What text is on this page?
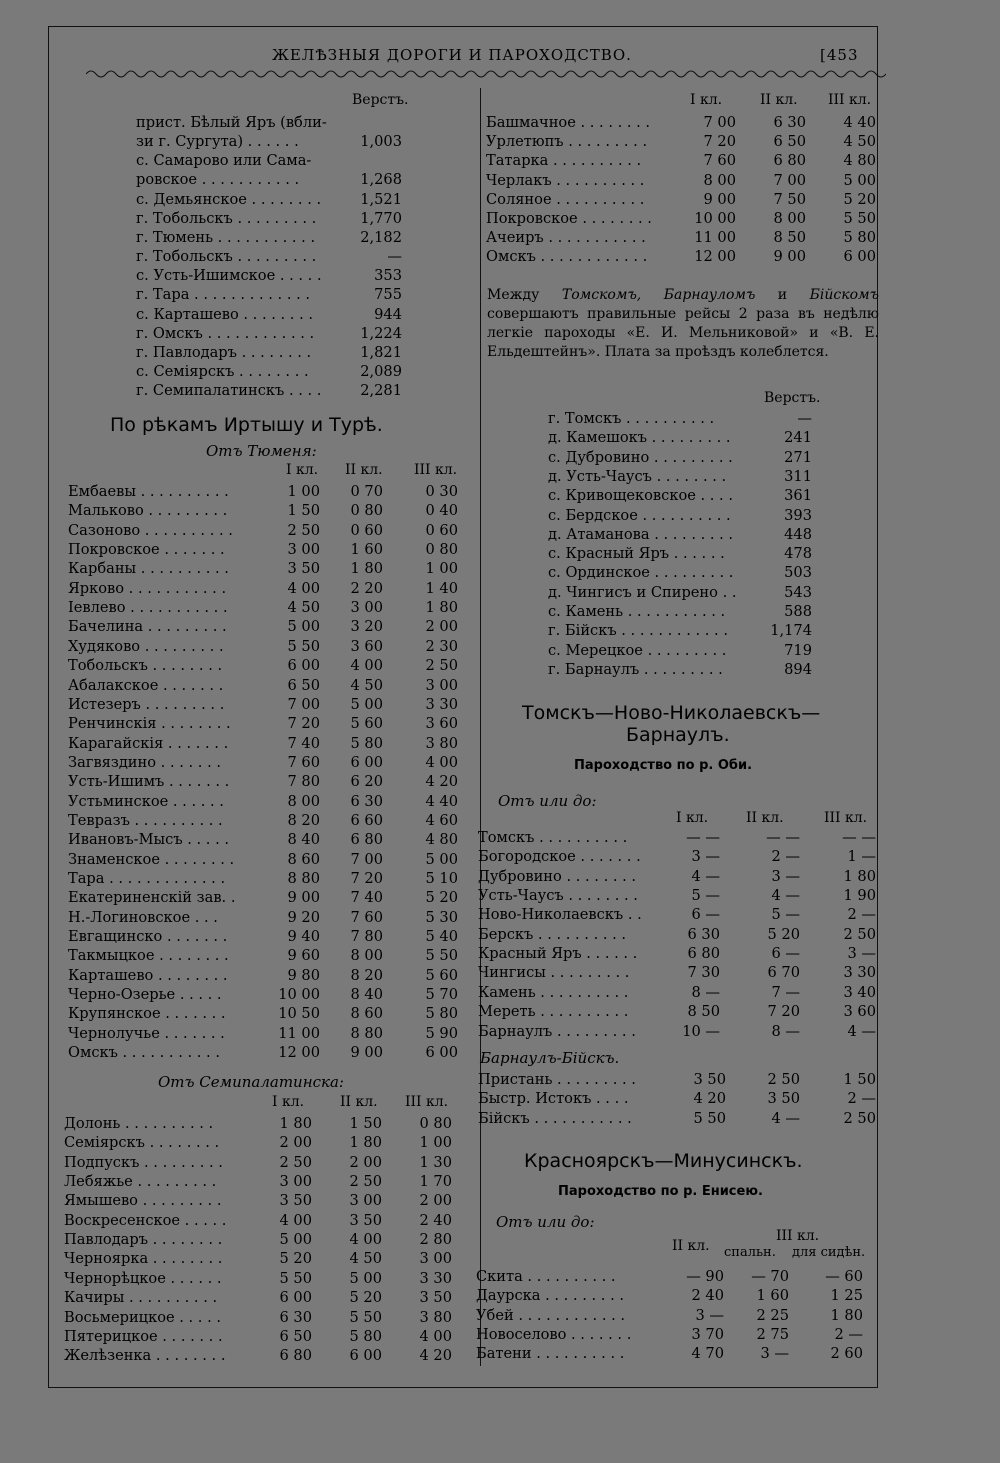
ЖЕЛѢЗНЫЯ ДОРОГИ И ПАРОХОДСТВО.	[453
Верстъ.
прист. Бѣлый Яръ (вбли-
зи г. Сургута) . . . . . .	1,003
с. Самарово или Сама-
ровское . . . . . . . . . . .	1,268
с. Демьянское . . . . . . . .	1,521
г. Тобольскъ . . . . . . . . .	1,770
г. Тюмень . . . . . . . . . . .	2,182
г. Тобольскъ . . . . . . . . .	—
с. Усть-Ишимское . . . . .	353
г. Тара . . . . . . . . . . . . .	755
с. Карташево . . . . . . . .	944
г. Омскъ . . . . . . . . . . . .	1,224
г. Павлодаръ . . . . . . . .	1,821
с. Семіярскъ . . . . . . . .	2,089
г. Семипалатинскъ . . . .	2,281
По рѣкамъ Иртышу и Турѣ.
Отъ Тюменя:
I кл. II кл. III кл.
Ембаевы . . . . . . . . . .	1 00	0 70	0 30
Мальково . . . . . . . . .	1 50	0 80	0 40
Сазоново . . . . . . . . . .	2 50	0 60	0 60
Покровское . . . . . . .	3 00	1 60	0 80
Карбаны . . . . . . . . . .	3 50	1 80	1 00
Ярково . . . . . . . . . . .	4 00	2 20	1 40
Іевлево . . . . . . . . . . .	4 50	3 00	1 80
Бачелина . . . . . . . . .	5 00	3 20	2 00
Худяково . . . . . . . . .	5 50	3 60	2 30
Тобольскъ . . . . . . . .	6 00	4 00	2 50
Абалакское . . . . . . .	6 50	4 50	3 00
Истезеръ . . . . . . . . .	7 00	5 00	3 30
Ренчинскія . . . . . . . .	7 20	5 60	3 60
Карагайскія . . . . . . .	7 40	5 80	3 80
Загвяздино . . . . . . .	7 60	6 00	4 00
Усть-Ишимъ . . . . . . .	7 80	6 20	4 20
Устьминское . . . . . .	8 00	6 30	4 40
Тевразъ . . . . . . . . . .	8 20	6 60	4 60
Ивановъ-Мысъ . . . . .	8 40	6 80	4 80
Знаменское . . . . . . . .	8 60	7 00	5 00
Тара . . . . . . . . . . . . .	8 80	7 20	5 10
Екатериненскій зав. .	9 00	7 40	5 20
Н.-Логиновское . . .	9 20	7 60	5 30
Евгащинско . . . . . . .	9 40	7 80	5 40
Такмыцкое . . . . . . . .	9 60	8 00	5 50
Карташево . . . . . . . .	9 80	8 20	5 60
Черно-Озерье . . . . .	10 00	8 40	5 70
Крупянское . . . . . . .	10 50	8 60	5 80
Чернолучье . . . . . . .	11 00	8 80	5 90
Омскъ . . . . . . . . . . .	12 00	9 00	6 00
Отъ Семипалатинска:
I кл.	II кл. III кл.
Долонь . . . . . . . . . .	1 80	1 50	0 80
Семіярскъ . . . . . . . .	2 00	1 80	1 00
Подпускъ . . . . . . . . .	2 50	2 00	1 30
Лебяжье . . . . . . . . .	3 00	2 50	1 70
Ямышево . . . . . . . . .	3 50	3 00	2 00
Воскресенское . . . . .	4 00	3 50	2 40
Павлодаръ . . . . . . . .	5 00	4 00	2 80
Черноярка . . . . . . . .	5 20	4 50	3 00
Чернорѣцкое . . . . . .	5 50	5 00	3 30
Качиры . . . . . . . . . .	6 00	5 20	3 50
Восьмерицкое . . . . .	6 30	5 50	3 80
Пятерицкое . . . . . . .	6 50	5 80	4 00
Желѣзенка . . . . . . . .	6 80	6 00	4 20
I кл.	II кл. III кл.
Башмачное . . . . . . . .	7 00	6 30	4 40
Урлетюпъ . . . . . . . . .	7 20	6 50	4 50
Татарка . . . . . . . . . .	7 60	6 80	4 80
Черлакъ . . . . . . . . . .	8 00	7 00	5 00
Соляное . . . . . . . . . .	9 00	7 50	5 20
Покровское . . . . . . . .	10 00	8 00	5 50
Ачеиръ . . . . . . . . . . .	11 00	8 50	5 80
Омскъ . . . . . . . . . . . .	12 00	9 00	6 00
Между Томскомъ, Барнауломъ и Бійскомъ совершаютъ правильные рейсы 2 раза въ недѣлю легкіе пароходы «Е. И. Мельниковой» и «В. Е. Ельдештейнъ». Плата за проѣздъ колеблется.
Верстъ.
г. Томскъ . . . . . . . . . .	—
д. Камешокъ . . . . . . . . .	241
с. Дубровино . . . . . . . . .	271
д. Усть-Чаусъ . . . . . . . .	311
с. Кривощековское . . . .	361
с. Бердское . . . . . . . . . .	393
д. Атаманова . . . . . . . . .	448
с. Красный Яръ . . . . . .	478
с. Ординское . . . . . . . . .	503
д. Чингисъ и Спирено . .	543
с. Камень . . . . . . . . . . .	588
г. Бійскъ . . . . . . . . . . . .	1,174
с. Мерецкое . . . . . . . . .	719
г. Барнаулъ . . . . . . . . .	894
Томскъ—Ново-Николаевскъ—
Барнаулъ.
Пароходство по р. Оби.
Отъ или до:
I кл.	II кл.	III кл.
Томскъ . . . . . . . . . .	— —	— —	— —
Богородское . . . . . . .	3 —	2 —	1 —
Дубровино . . . . . . . .	4 —	3 —	1 80
Усть-Чаусъ . . . . . . . .	5 —	4 —	1 90
Ново-Николаевскъ . .	6 —	5 —	2 —
Берскъ . . . . . . . . . .	6 30	5 20	2 50
Красный Яръ . . . . . .	6 80	6 —	3 —
Чингисы . . . . . . . . .	7 30	6 70	3 30
Камень . . . . . . . . . .	8 —	7 —	3 40
Мереть . . . . . . . . . .	8 50	7 20	3 60
Барнаулъ . . . . . . . . .	10 —	8 —	4 —
Барнаулъ-Бійскъ.
Пристань . . . . . . . . .	3 50	2 50	1 50
Быстр. Истокъ . . . .	4 20	3 50	2 —
Бійскъ . . . . . . . . . . .	5 50	4 —	2 50
Красноярскъ—Минусинскъ.
Пароходство по р. Енисею.
Отъ или до:
II кл.
III кл.
спальн. для сидѣн.
Скита . . . . . . . . . .	— 90	— 70	— 60
Даурска . . . . . . . . .	2 40	1 60	1 25
Убей . . . . . . . . . . . .	3 —	2 25	1 80
Новоселово . . . . . . .	3 70	2 75	2 —
Батени . . . . . . . . . .	4 70	3 —	2 60
